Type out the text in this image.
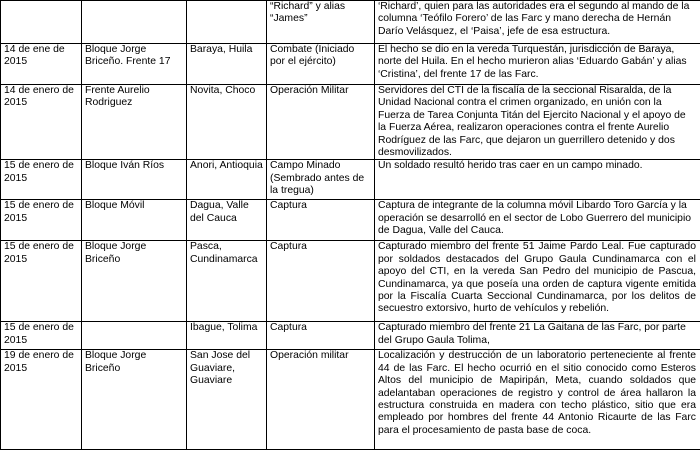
			“Richard” y alias “James”	‘Richard’, quien para las autoridades era el segundo al mando de la columna ‘Teófilo Forero’ de las Farc y mano derecha de Hernán Darío Velásquez, el ‘Paisa’, jefe de esa estructura.
14 de ene de 2015	Bloque Jorge Briceño. Frente 17	Baraya, Huila	Combate (Iniciado por el ejército)	El hecho se dio en la vereda Turquestán, jurisdicción de Baraya, norte del Huila. En el hecho murieron alias ‘Eduardo Gabán’ y alias ‘Cristina’, del frente 17 de las Farc.
14 de enero de 2015	Frente Aurelio Rodriguez	Novita, Choco	Operación Militar	Servidores del CTI de la fiscalía de la seccional Risaralda, de la Unidad Nacional contra el crimen organizado, en unión con la Fuerza de Tarea Conjunta Titán del Ejercito Nacional y el apoyo de la Fuerza Aérea, realizaron operaciones contra el frente Aurelio Rodríguez de las Farc, que dejaron un guerrillero detenido y dos desmovilizados.
15 de enero de 2015	Bloque Iván Ríos	Anori, Antioquia	Campo Minado (Sembrado antes de la tregua)	Un soldado resultó herido tras caer en un campo minado.
15 de enero de 2015	Bloque Móvil	Dagua, Valle del Cauca	Captura	Captura de integrante de la columna móvil Libardo Toro García y la operación se desarrolló en el sector de Lobo Guerrero del municipio de Dagua, Valle del Cauca.
15 de enero de 2015	Bloque Jorge Briceño	Pasca, Cundinamarca	Captura	Capturado miembro del frente 51 Jaime Pardo Leal. Fue capturado por soldados destacados del Grupo Gaula Cundinamarca con el apoyo del CTI, en la vereda San Pedro del municipio de Pascua, Cundinamarca, ya que poseía una orden de captura vigente emitida por la Fiscalía Cuarta Seccional Cundinamarca, por los delitos de secuestro extorsivo, hurto de vehículos y rebelión.
15 de enero de 2015		Ibague, Tolima	Captura	Capturado miembro del frente 21 La Gaitana de las Farc, por parte del Grupo Gaula Tolima,
19 de enero de 2015	Bloque Jorge Briceño	San Jose del Guaviare, Guaviare	Operación militar	Localización y destrucción de un laboratorio perteneciente al frente 44 de las Farc. El hecho ocurrió en el sitio conocido como Esteros Altos del municipio de Mapiripán, Meta, cuando soldados que adelantaban operaciones de registro y control de área hallaron la estructura construida en madera con techo plástico, sitio que era empleado por hombres del frente 44 Antonio Ricaurte de las Farc para el procesamiento de pasta base de coca.
